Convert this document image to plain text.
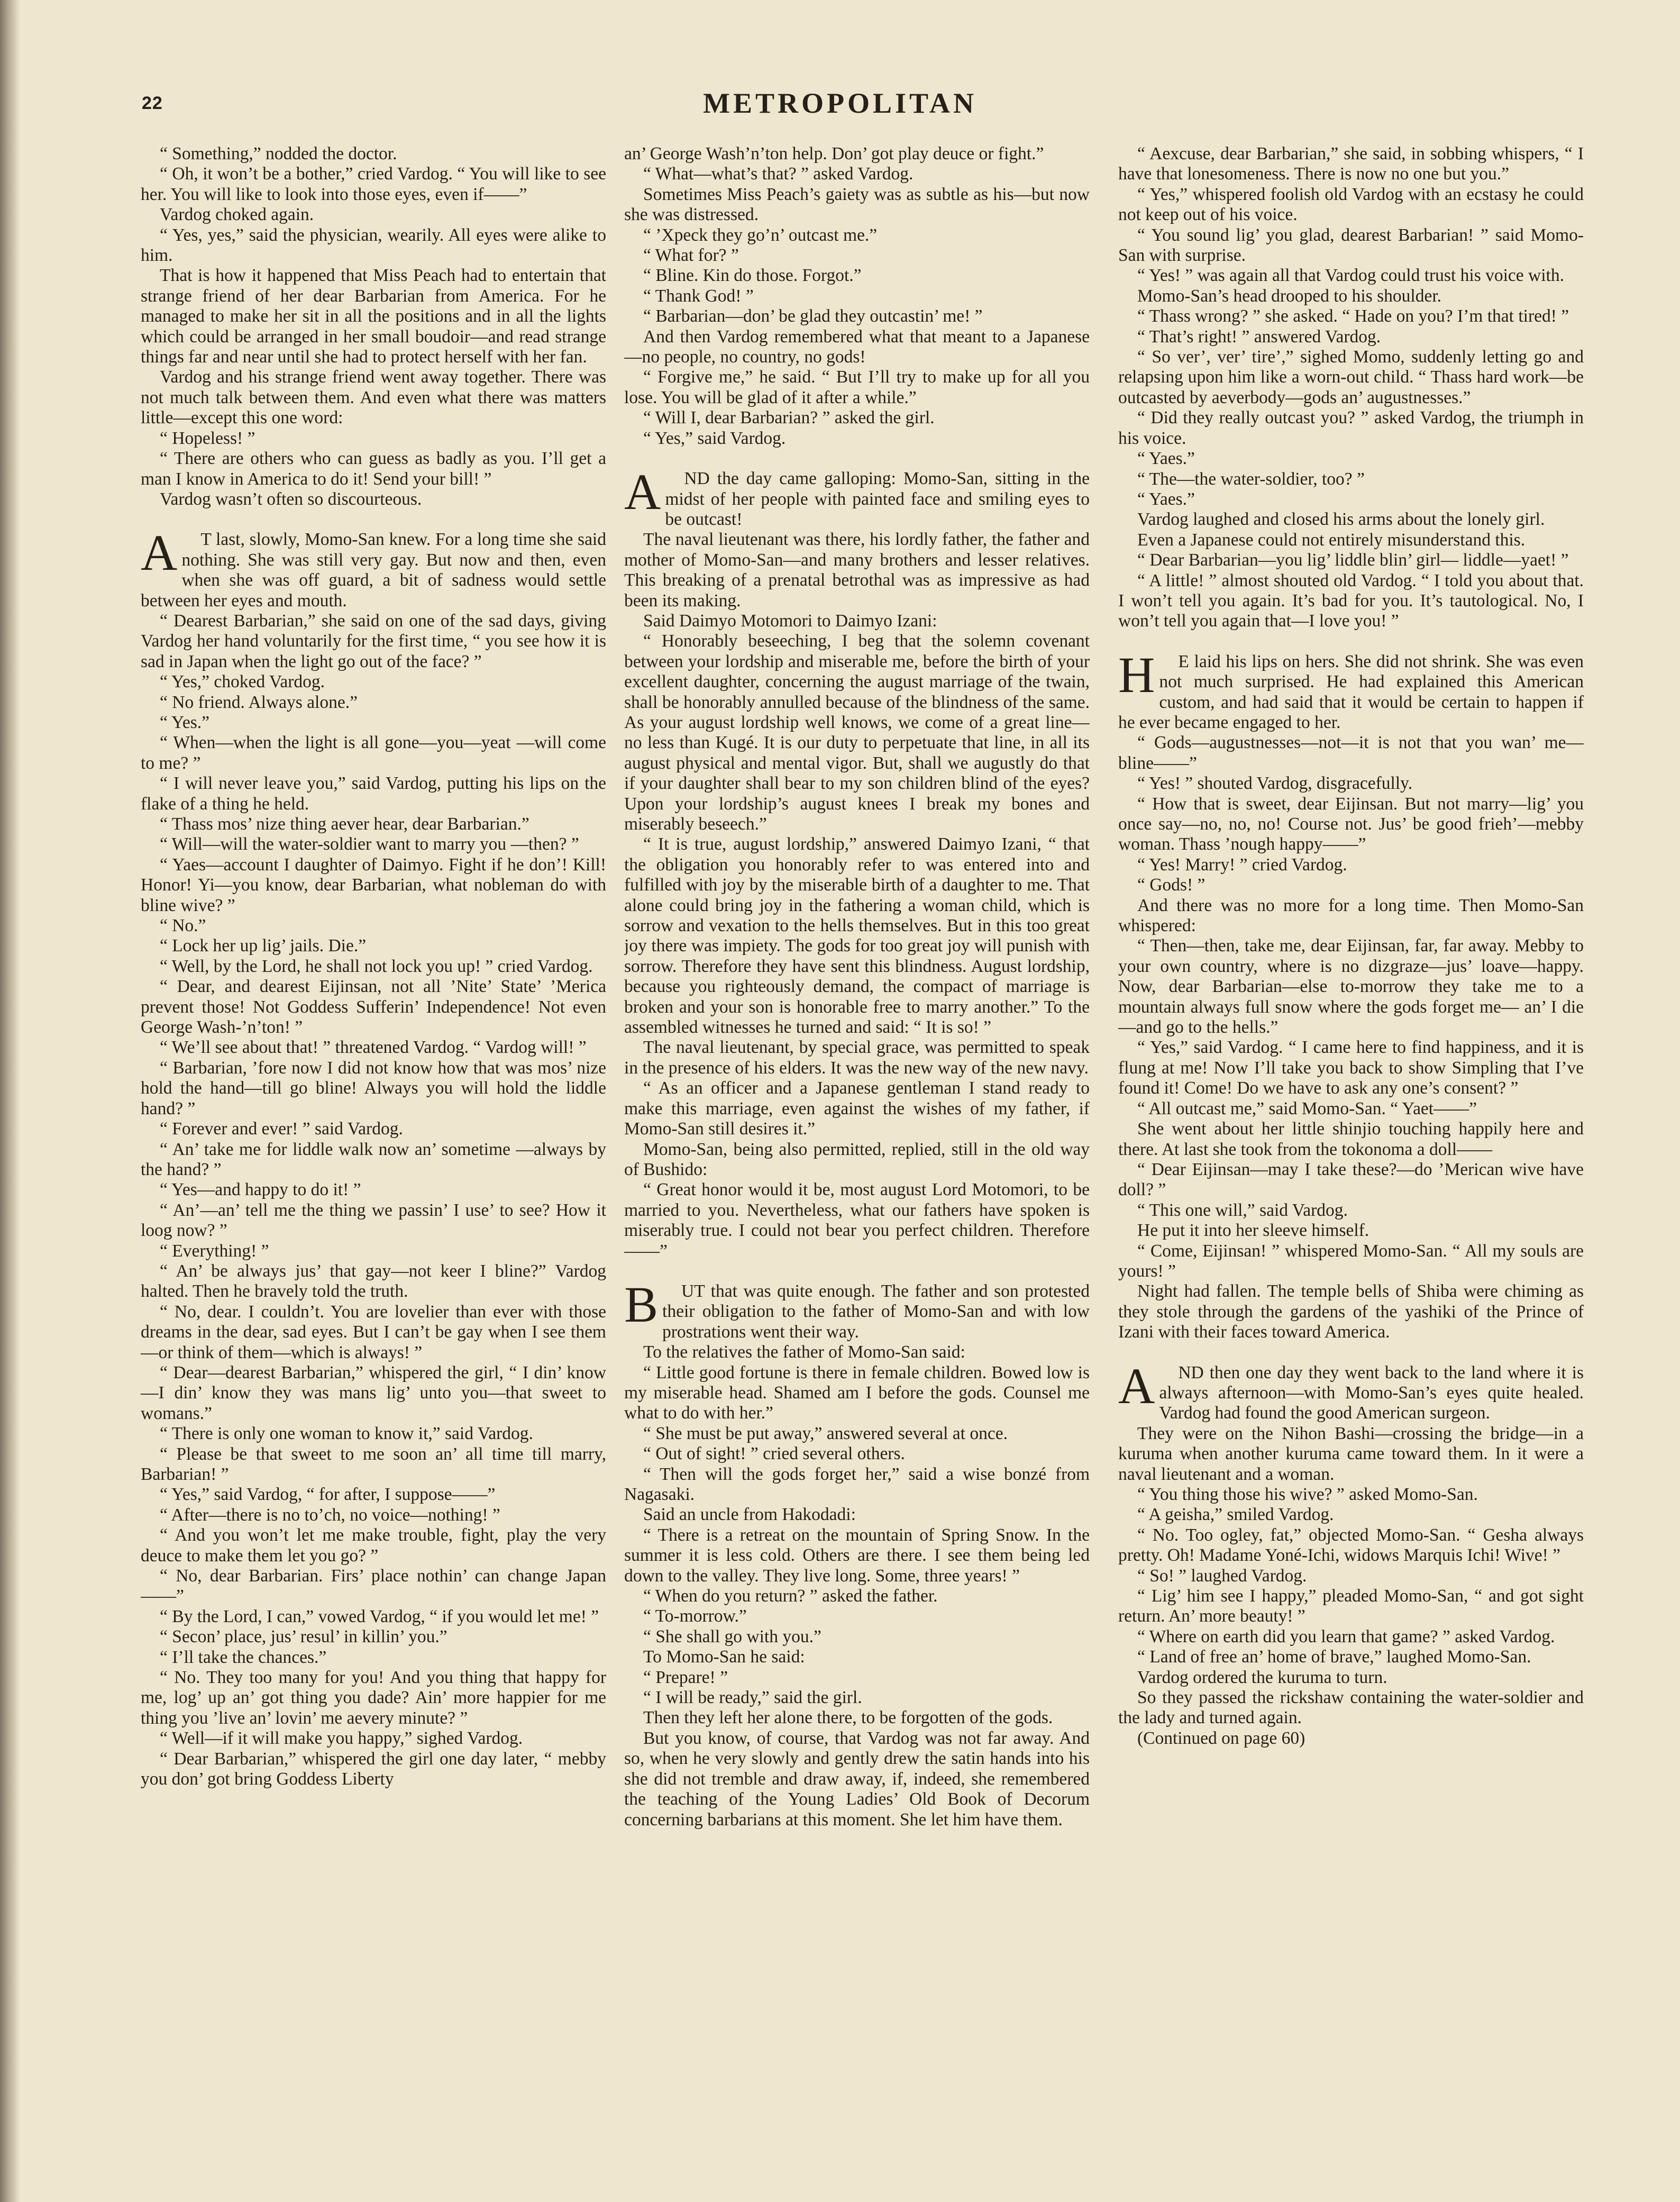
22	METROPOLITAN

“ Something,” nodded the doctor.

“ Oh, it won’t be a bother,” cried Vardog. “ You will like to see her. You will like to look into those eyes, even if——”

Vardog choked again.

“ Yes, yes,” said the physician, wearily. All eyes were alike to him.

That is how it happened that Miss Peach had to entertain that strange friend of her dear Barbarian from America. For he managed to make her sit in all the positions and in all the lights which could be arranged in her small boudoir—and read strange things far and near until she had to protect herself with her fan.

Vardog and his strange friend went away together. There was not much talk between them. And even what there was matters little—except this one word:

“ Hopeless! ”

“ There are others who can guess as badly as you. I’ll get a man I know in America to do it! Send your bill! ”

Vardog wasn’t often so discourteous.

A T last, slowly, Momo-San knew. For a long time she said nothing. She was still very gay. But now and then, even when she was off guard, a bit of sadness would settle between her eyes and mouth.

“ Dearest Barbarian,” she said on one of the sad days, giving Vardog her hand voluntarily for the first time, “ you see how it is sad in Japan when the light go out of the face? ”

“ Yes,” choked Vardog.

“ No friend. Always alone.”

“ Yes.”

“ When—when the light is all gone—you—yeat —will come to me? ”

“ I will never leave you,” said Vardog, putting his lips on the flake of a thing he held.

“ Thass mos’ nize thing aever hear, dear Barbarian.”

“ Will—will the water-soldier want to marry you —then? ”

“ Yaes—account I daughter of Daimyo. Fight if he don’! Kill! Honor! Yi—you know, dear Barbarian, what nobleman do with bline wive? ”

“ No.”

“ Lock her up lig’ jails. Die.”

“ Well, by the Lord, he shall not lock you up! ” cried Vardog.

“ Dear, and dearest Eijinsan, not all ’Nite’ State’ ’Merica prevent those! Not Goddess Sufferin’ Independence! Not even George Wash-’n’ton! ”

“ We’ll see about that! ” threatened Vardog. “ Vardog will! ”

“ Barbarian, ’fore now I did not know how that was mos’ nize hold the hand—till go bline! Always you will hold the liddle hand? ”

“ Forever and ever! ” said Vardog.

“ An’ take me for liddle walk now an’ sometime —always by the hand? ”

“ Yes—and happy to do it! ”

“ An’—an’ tell me the thing we passin’ I use’ to see? How it loog now? ”

“ Everything! ”

“ An’ be always jus’ that gay—not keer I bline?” Vardog halted. Then he bravely told the truth.

“ No, dear. I couldn’t. You are lovelier than ever with those dreams in the dear, sad eyes. But I can’t be gay when I see them—or think of them—which is always! ”

“ Dear—dearest Barbarian,” whispered the girl, “ I din’ know—I din’ know they was mans lig’ unto you—that sweet to womans.”

“ There is only one woman to know it,” said Vardog.

“ Please be that sweet to me soon an’ all time till marry, Barbarian! ”

“ Yes,” said Vardog, “ for after, I suppose——”

“ After—there is no to’ch, no voice—nothing! ”

“ And you won’t let me make trouble, fight, play the very deuce to make them let you go? ”

“ No, dear Barbarian. Firs’ place nothin’ can change Japan——”

“ By the Lord, I can,” vowed Vardog, “ if you would let me! ”

“ Secon’ place, jus’ resul’ in killin’ you.”

“ I’ll take the chances.”

“ No. They too many for you! And you thing that happy for me, log’ up an’ got thing you dade? Ain’ more happier for me thing you ’live an’ lovin’ me aevery minute? ”

“ Well—if it will make you happy,” sighed Vardog.

“ Dear Barbarian,” whispered the girl one day later, “ mebby you don’ got bring Goddess Liberty

an’ George Wash’n’ton help. Don’ got play deuce or fight.”

“ What—what’s that? ” asked Vardog.

Sometimes Miss Peach’s gaiety was as subtle as his—but now she was distressed.

“ ’Xpeck they go’n’ outcast me.”

“ What for? ”

“ Bline. Kin do those. Forgot.”

“ Thank God! ”

“ Barbarian—don’ be glad they outcastin’ me! ”

And then Vardog remembered what that meant to a Japanese—no people, no country, no gods!

“ Forgive me,” he said. “ But I’ll try to make up for all you lose. You will be glad of it after a while.”

“ Will I, dear Barbarian? ” asked the girl.

“ Yes,” said Vardog.

A ND the day came galloping: Momo-San, sitting in the midst of her people with painted face and smiling eyes to be outcast!

The naval lieutenant was there, his lordly father, the father and mother of Momo-San—and many brothers and lesser relatives. This breaking of a prenatal betrothal was as impressive as had been its making.

Said Daimyo Motomori to Daimyo Izani:

“ Honorably beseeching, I beg that the solemn covenant between your lordship and miserable me, before the birth of your excellent daughter, concerning the august marriage of the twain, shall be honorably annulled because of the blindness of the same. As your august lordship well knows, we come of a great line—no less than Kugé. It is our duty to perpetuate that line, in all its august physical and mental vigor. But, shall we augustly do that if your daughter shall bear to my son children blind of the eyes? Upon your lordship’s august knees I break my bones and miserably beseech.”

“ It is true, august lordship,” answered Daimyo Izani, “ that the obligation you honorably refer to was entered into and fulfilled with joy by the miserable birth of a daughter to me. That alone could bring joy in the fathering a woman child, which is sorrow and vexation to the hells themselves. But in this too great joy there was impiety. The gods for too great joy will punish with sorrow. Therefore they have sent this blindness. August lordship, because you righteously demand, the compact of marriage is broken and your son is honorable free to marry another.” To the assembled witnesses he turned and said: “ It is so! ”

The naval lieutenant, by special grace, was permitted to speak in the presence of his elders. It was the new way of the new navy.

“ As an officer and a Japanese gentleman I stand ready to make this marriage, even against the wishes of my father, if Momo-San still desires it.”

Momo-San, being also permitted, replied, still in the old way of Bushido:

“ Great honor would it be, most august Lord Motomori, to be married to you. Nevertheless, what our fathers have spoken is miserably true. I could not bear you perfect children. Therefore——”

B UT that was quite enough. The father and son protested their obligation to the father of Momo-San and with low prostrations went their way.

To the relatives the father of Momo-San said:

“ Little good fortune is there in female children. Bowed low is my miserable head. Shamed am I before the gods. Counsel me what to do with her.”

“ She must be put away,” answered several at once.

“ Out of sight! ” cried several others.

“ Then will the gods forget her,” said a wise bonzé from Nagasaki.

Said an uncle from Hakodadi:

“ There is a retreat on the mountain of Spring Snow. In the summer it is less cold. Others are there. I see them being led down to the valley. They live long. Some, three years! ”

“ When do you return? ” asked the father.

“ To-morrow.”

“ She shall go with you.”

To Momo-San he said:

“ Prepare! ”

“ I will be ready,” said the girl.

Then they left her alone there, to be forgotten of the gods.

But you know, of course, that Vardog was not far away. And so, when he very slowly and gently drew the satin hands into his she did not tremble and draw away, if, indeed, she remembered the teaching of the Young Ladies’ Old Book of Decorum concerning barbarians at this moment. She let him have them.

“ Aexcuse, dear Barbarian,” she said, in sobbing whispers, “ I have that lonesomeness. There is now no one but you.”

“ Yes,” whispered foolish old Vardog with an ecstasy he could not keep out of his voice.

“ You sound lig’ you glad, dearest Barbarian! ” said Momo-San with surprise.

“ Yes! ” was again all that Vardog could trust his voice with.

Momo-San’s head drooped to his shoulder.

“ Thass wrong? ” she asked. “ Hade on you? I’m that tired! ”

“ That’s right! ” answered Vardog.

“ So ver’, ver’ tire’,” sighed Momo, suddenly letting go and relapsing upon him like a worn-out child. “ Thass hard work—be outcasted by aeverbody—gods an’ augustnesses.”

“ Did they really outcast you? ” asked Vardog, the triumph in his voice.

“ Yaes.”

“ The—the water-soldier, too? ”

“ Yaes.”

Vardog laughed and closed his arms about the lonely girl.

Even a Japanese could not entirely misunderstand this.

“ Dear Barbarian—you lig’ liddle blin’ girl— liddle—yaet! ”

“ A little! ” almost shouted old Vardog. “ I told you about that. I won’t tell you again. It’s bad for you. It’s tautological. No, I won’t tell you again that—I love you! ”

H E laid his lips on hers. She did not shrink. She was even not much surprised. He had explained this American custom, and had said that it would be certain to happen if he ever became engaged to her.

“ Gods—augustnesses—not—it is not that you wan’ me—bline——”

“ Yes! ” shouted Vardog, disgracefully.

“ How that is sweet, dear Eijinsan. But not marry—lig’ you once say—no, no, no! Course not. Jus’ be good frieh’—mebby woman. Thass ’nough happy——”

“ Yes! Marry! ” cried Vardog.

“ Gods! ”

And there was no more for a long time. Then Momo-San whispered:

“ Then—then, take me, dear Eijinsan, far, far away. Mebby to your own country, where is no dizgraze—jus’ loave—happy. Now, dear Barbarian—else to-morrow they take me to a mountain always full snow where the gods forget me— an’ I die—and go to the hells.”

“ Yes,” said Vardog. “ I came here to find happiness, and it is flung at me! Now I’ll take you back to show Simpling that I’ve found it! Come! Do we have to ask any one’s consent? ”

“ All outcast me,” said Momo-San. “ Yaet——”

She went about her little shinjio touching happily here and there. At last she took from the tokonoma a doll——

“ Dear Eijinsan—may I take these?—do ’Merican wive have doll? ”

“ This one will,” said Vardog.

He put it into her sleeve himself.

“ Come, Eijinsan! ” whispered Momo-San. “ All my souls are yours! ”

Night had fallen. The temple bells of Shiba were chiming as they stole through the gardens of the yashiki of the Prince of Izani with their faces toward America.

A ND then one day they went back to the land where it is always afternoon—with Momo-San’s eyes quite healed. Vardog had found the good American surgeon.

They were on the Nihon Bashi—crossing the bridge—in a kuruma when another kuruma came toward them. In it were a naval lieutenant and a woman.

“ You thing those his wive? ” asked Momo-San.

“ A geisha,” smiled Vardog.

“ No. Too ogley, fat,” objected Momo-San. “ Gesha always pretty. Oh! Madame Yoné-Ichi, widows Marquis Ichi! Wive! ”

“ So! ” laughed Vardog.

“ Lig’ him see I happy,” pleaded Momo-San, “ and got sight return. An’ more beauty! ”

“ Where on earth did you learn that game? ” asked Vardog.

“ Land of free an’ home of brave,” laughed Momo-San.

Vardog ordered the kuruma to turn.

So they passed the rickshaw containing the water-soldier and the lady and turned again.

(Continued on page 60)
